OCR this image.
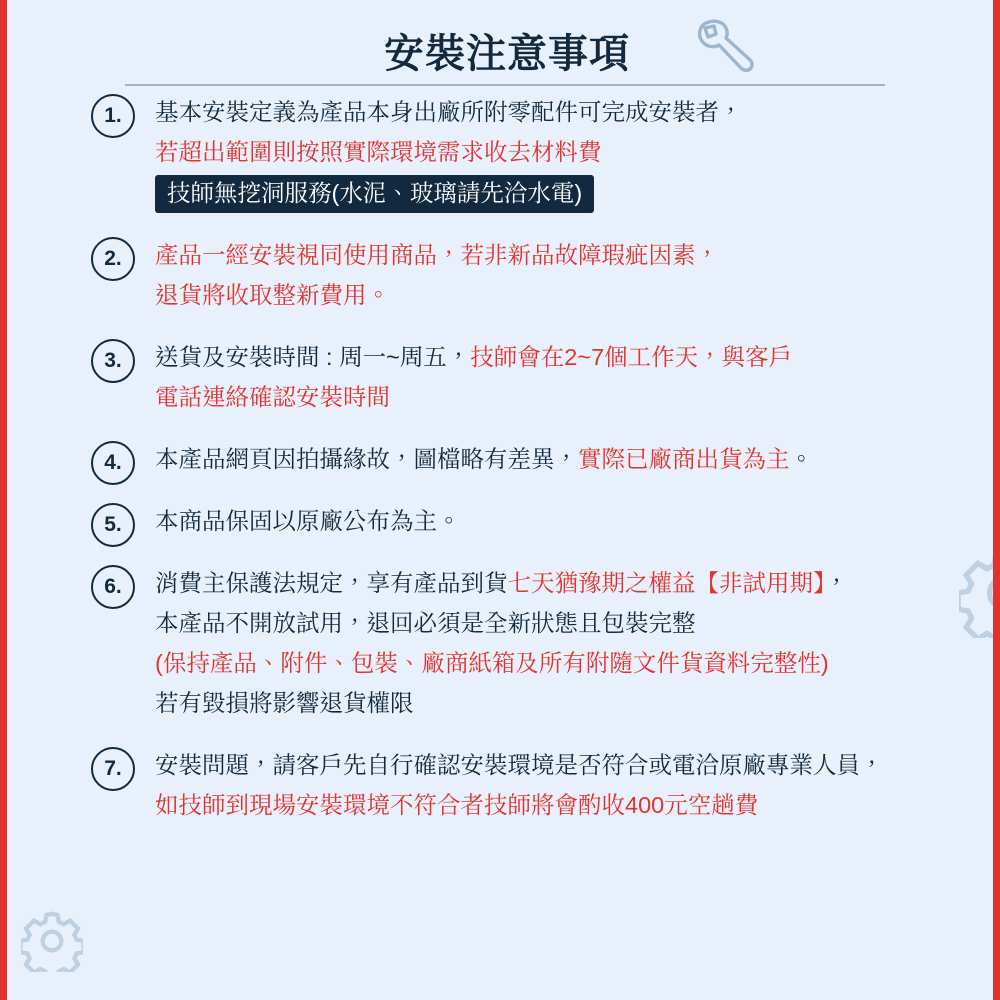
安裝注意事項
1.	基本安裝定義為產品本身出廠所附零配件可完成安裝者，
若超出範圍則按照實際環境需求收去材料費
技師無挖洞服務(水泥、玻璃請先洽水電)
2.	產品一經安裝視同使用商品，若非新品故障瑕疵因素，
退貨將收取整新費用。
3.	送貨及安裝時間 : 周一~周五，技師會在2~7個工作天，與客戶
電話連絡確認安裝時間
4.	本產品網頁因拍攝緣故，圖檔略有差異，實際已廠商出貨為主。
5.	本商品保固以原廠公布為主。
6.	消費主保護法規定，享有產品到貨七天猶豫期之權益【非試用期】，
本產品不開放試用，退回必須是全新狀態且包裝完整
(保持產品、附件、包裝、廠商紙箱及所有附隨文件貨資料完整性)
若有毀損將影響退貨權限
7.	安裝問題，請客戶先自行確認安裝環境是否符合或電洽原廠專業人員，
如技師到現場安裝環境不符合者技師將會酌收400元空趟費
